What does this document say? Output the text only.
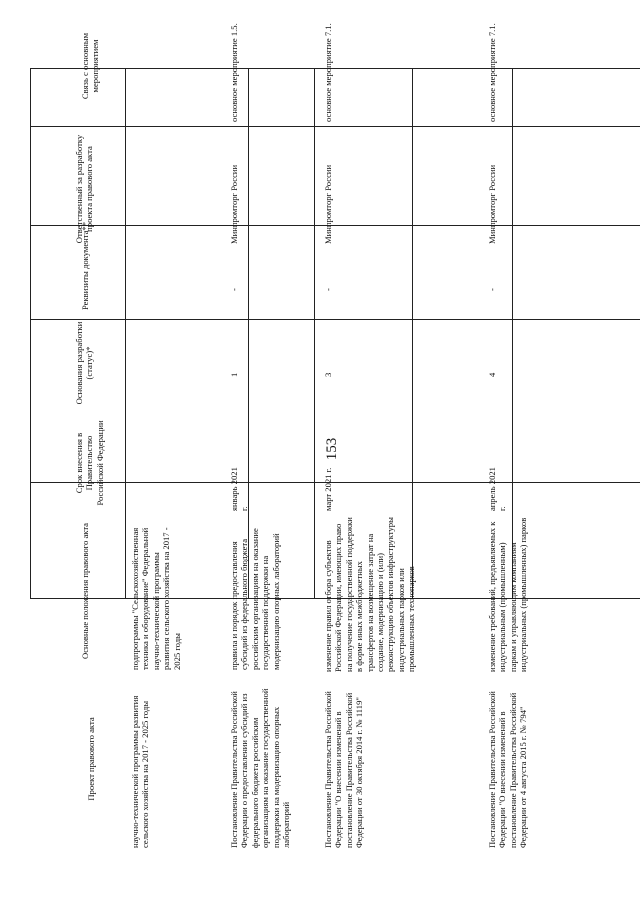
153
Проект правового акта
Основные положения правового акта
Срок внесения в Правительство Российской Федерации
Основания разработки (статус)*
Реквизиты документа**
Ответственный за разработку проекта правового акта
Связь с основным мероприятием
научно-технической программы развития сельского хозяйства на 2017 - 2025 годы
подпрограммы "Сельскохозяйственная техника и оборудование" Федеральной научно-технической программы развития сельского хозяйства на 2017 - 2025 годы
Постановление Правительства Российской Федерации о предоставлении субсидий из федерального бюджета российским организациям на оказание государственной поддержки на модернизацию опорных лабораторий
правила и порядок предоставления субсидий из федерального бюджета российским организациям на оказание государственной поддержки на модернизацию опорных лабораторий
январь 2021 г.
1
-
Минпромторг России
основное мероприятие 1.5.
Постановление Правительства Российской Федерации "О внесении изменений в постановление Правительства Российской Федерации от 30 октября 2014 г. № 1119"
изменение правил отбора субъектов Российской Федерации, имеющих право на получение государственной поддержки в форме иных межбюджетных трансфертов на возмещение затрат на создание, модернизацию и (или) реконструкцию объектов инфраструктуры индустриальных парков или промышленных технопарков
март 2021 г.
3
-
Минпромторг России
основное мероприятие 7.1.
Постановление Правительства Российской Федерации "О внесении изменений в постановление Правительства Российской Федерации от 4 августа 2015 г. № 794"
изменение требований, предъявляемых к индустриальным (промышленным) паркам и управляющим компаниям индустриальных (промышленных) парков
апрель 2021 г.
4
-
Минпромторг России
основное мероприятие 7.1.
